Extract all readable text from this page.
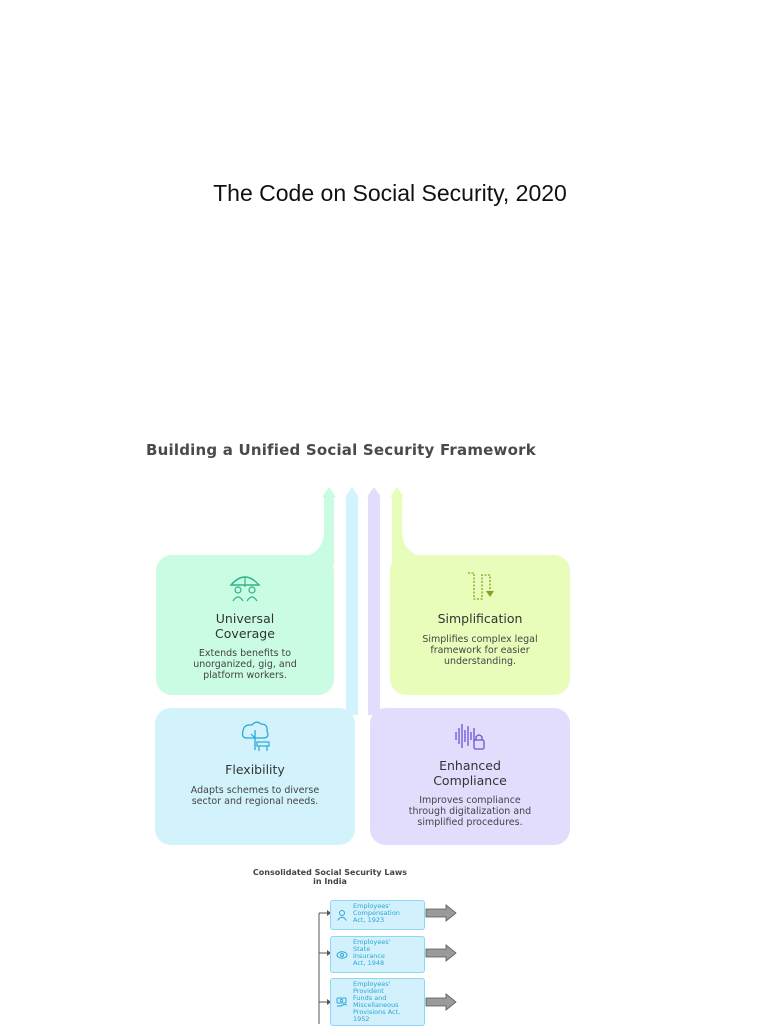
The Code on Social Security, 2020
Building a Unified Social Security Framework
Universal
Coverage

Extends benefits to

unorganized, gig, and

platform workers.

Simplification

Simplifies complex legal

framework for easier

understanding.

Flexibility

Adapts schemes to diverse

sector and regional needs.

Enhanced
Compliance

Improves compliance

through digitalization and

simplified procedures.

Consolidated Social Security Laws
in India
Employees'
Compensation
Act, 1923
Employees'
State
Insurance
Act, 1948
Employees'
Provident
Funds and
Miscellaneous
Provisions Act,
1952
